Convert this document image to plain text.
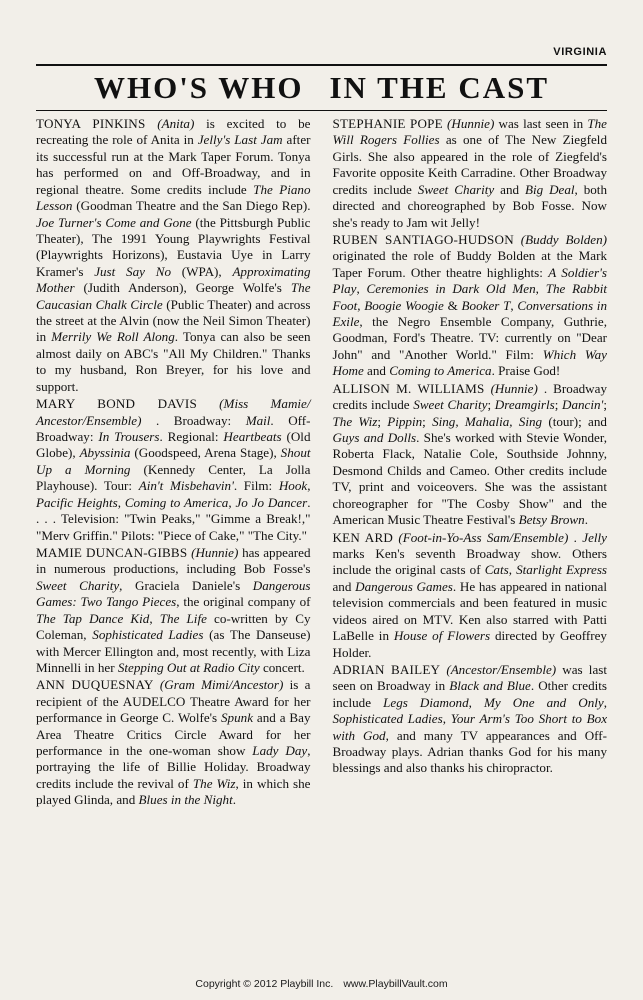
VIRGINIA
WHO'S WHO IN THE CAST

TONYA PINKINS (Anita) is excited to be recreating the role of Anita in Jelly's Last Jam after its successful run at the Mark Taper Forum. Tonya has performed on and Off-Broadway, and in regional theatre. Some credits include The Piano Lesson (Goodman Theatre and the San Diego Rep). Joe Turner's Come and Gone (the Pittsburgh Public Theater), The 1991 Young Playwrights Festival (Playwrights Horizons), Eustavia Uye in Larry Kramer's Just Say No (WPA), Approximating Mother (Judith Anderson), George Wolfe's The Caucasian Chalk Circle (Public Theater) and across the street at the Alvin (now the Neil Simon Theater) in Merrily We Roll Along. Tonya can also be seen almost daily on ABC's "All My Children." Thanks to my husband, Ron Breyer, for his love and support.

MARY BOND DAVIS (Miss Mamie/ Ancestor/Ensemble) . Broadway: Mail. Off-Broadway: In Trousers. Regional: Heartbeats (Old Globe), Abyssinia (Goodspeed, Arena Stage), Shout Up a Morning (Kennedy Center, La Jolla Playhouse). Tour: Ain't Misbehavin'. Film: Hook, Pacific Heights, Coming to America, Jo Jo Dancer. . . . Television: "Twin Peaks," "Gimme a Break!," "Merv Griffin." Pilots: "Piece of Cake," "The City."

MAMIE DUNCAN-GIBBS (Hunnie) has appeared in numerous productions, including Bob Fosse's Sweet Charity, Graciela Daniele's Dangerous Games: Two Tango Pieces, the original company of The Tap Dance Kid, The Life co-written by Cy Coleman, Sophisticated Ladies (as The Danseuse) with Mercer Ellington and, most recently, with Liza Minnelli in her Stepping Out at Radio City concert.

ANN DUQUESNAY (Gram Mimi/Ancestor) is a recipient of the AUDELCO Theatre Award for her performance in George C. Wolfe's Spunk and a Bay Area Theatre Critics Circle Award for her performance in the one-woman show Lady Day, portraying the life of Billie Holiday. Broadway credits include the revival of The Wiz, in which she played Glinda, and Blues in the Night.

STEPHANIE POPE (Hunnie) was last seen in The Will Rogers Follies as one of The New Ziegfeld Girls. She also appeared in the role of Ziegfeld's Favorite opposite Keith Carradine. Other Broadway credits include Sweet Charity and Big Deal, both directed and choreographed by Bob Fosse. Now she's ready to Jam wit Jelly!

RUBEN SANTIAGO-HUDSON (Buddy Bolden) originated the role of Buddy Bolden at the Mark Taper Forum. Other theatre highlights: A Soldier's Play, Ceremonies in Dark Old Men, The Rabbit Foot, Boogie Woogie & Booker T, Conversations in Exile, the Negro Ensemble Company, Guthrie, Goodman, Ford's Theatre. TV: currently on "Dear John" and "Another World." Film: Which Way Home and Coming to America. Praise God!

ALLISON M. WILLIAMS (Hunnie) . Broadway credits include Sweet Charity; Dreamgirls; Dancin'; The Wiz; Pippin; Sing, Mahalia, Sing (tour); and Guys and Dolls. She's worked with Stevie Wonder, Roberta Flack, Natalie Cole, Southside Johnny, Desmond Childs and Cameo. Other credits include TV, print and voiceovers. She was the assistant choreographer for "The Cosby Show" and the American Music Theatre Festival's Betsy Brown.

KEN ARD (Foot-in-Yo-Ass Sam/Ensemble) . Jelly marks Ken's seventh Broadway show. Others include the original casts of Cats, Starlight Express and Dangerous Games. He has appeared in national television commercials and been featured in music videos aired on MTV. Ken also starred with Patti LaBelle in House of Flowers directed by Geoffrey Holder.

ADRIAN BAILEY (Ancestor/Ensemble) was last seen on Broadway in Black and Blue. Other credits include Legs Diamond, My One and Only, Sophisticated Ladies, Your Arm's Too Short to Box with God, and many TV appearances and Off-Broadway plays. Adrian thanks God for his many blessings and also thanks his chiropractor.

Copyright © 2012 Playbill Inc. www.PlaybillVault.com
